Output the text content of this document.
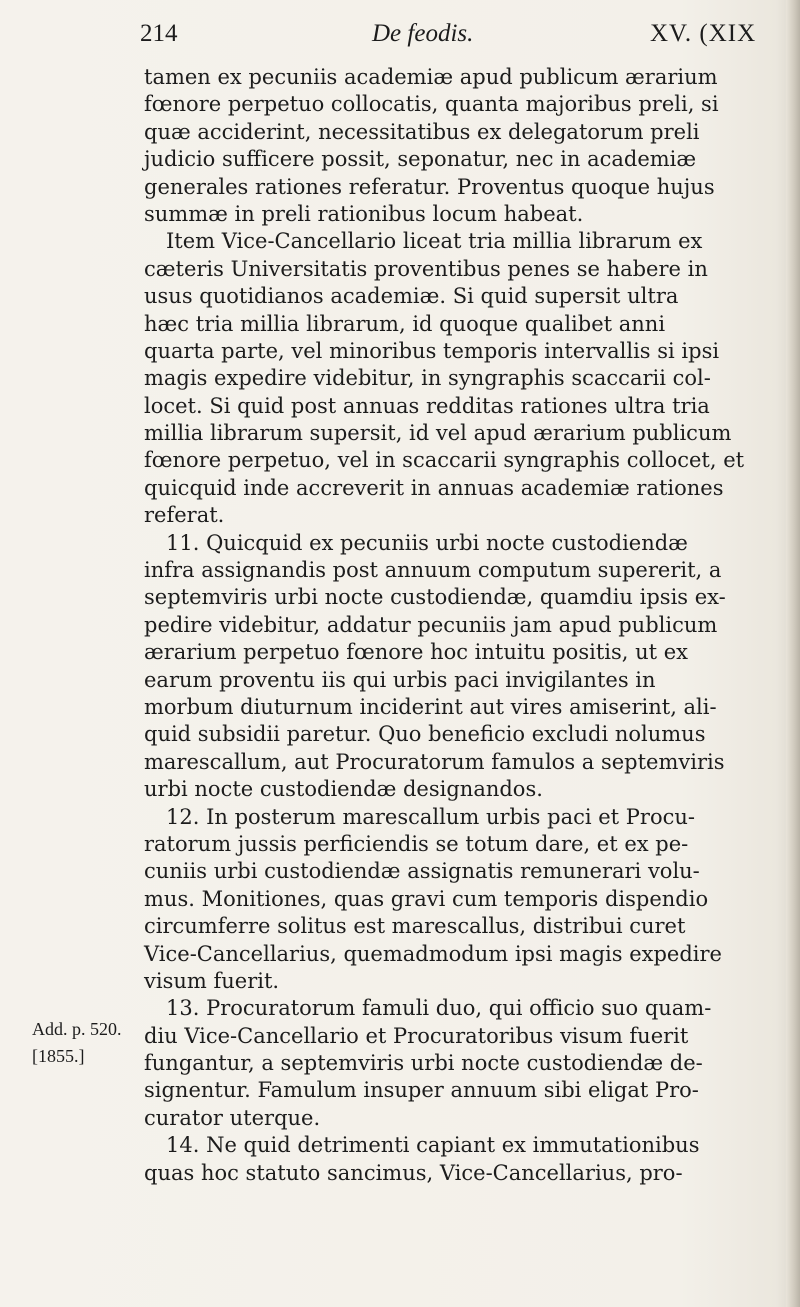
214	De feodis.	XV. (XIX
tamen ex pecuniis academiæ apud publicum ærarium
fœnore perpetuo collocatis, quanta majoribus preli, si
quæ acciderint, necessitatibus ex delegatorum preli
judicio sufficere possit, seponatur, nec in academiæ
generales rationes referatur. Proventus quoque hujus
summæ in preli rationibus locum habeat.
Item Vice-Cancellario liceat tria millia librarum ex
cæteris Universitatis proventibus penes se habere in
usus quotidianos academiæ. Si quid supersit ultra
hæc tria millia librarum, id quoque qualibet anni
quarta parte, vel minoribus temporis intervallis si ipsi
magis expedire videbitur, in syngraphis scaccarii col-
locet. Si quid post annuas redditas rationes ultra tria
millia librarum supersit, id vel apud ærarium publicum
fœnore perpetuo, vel in scaccarii syngraphis collocet, et
quicquid inde accreverit in annuas academiæ rationes
referat.
11. Quicquid ex pecuniis urbi nocte custodiendæ
infra assignandis post annuum computum supererit, a
septemviris urbi nocte custodiendæ, quamdiu ipsis ex-
pedire videbitur, addatur pecuniis jam apud publicum
ærarium perpetuo fœnore hoc intuitu positis, ut ex
earum proventu iis qui urbis paci invigilantes in
morbum diuturnum inciderint aut vires amiserint, ali-
quid subsidii paretur. Quo beneficio excludi nolumus
marescallum, aut Procuratorum famulos a septemviris
urbi nocte custodiendæ designandos.
12. In posterum marescallum urbis paci et Procu-
ratorum jussis perficiendis se totum dare, et ex pe-
cuniis urbi custodiendæ assignatis remunerari volu-
mus. Monitiones, quas gravi cum temporis dispendio
circumferre solitus est marescallus, distribui curet
Vice-Cancellarius, quemadmodum ipsi magis expedire
visum fuerit.
13. Procuratorum famuli duo, qui officio suo quam-
diu Vice-Cancellario et Procuratoribus visum fuerit
fungantur, a septemviris urbi nocte custodiendæ de-
signentur. Famulum insuper annuum sibi eligat Pro-
curator uterque.
14. Ne quid detrimenti capiant ex immutationibus
quas hoc statuto sancimus, Vice-Cancellarius, pro-
Add. p. 520.
[1855.]
